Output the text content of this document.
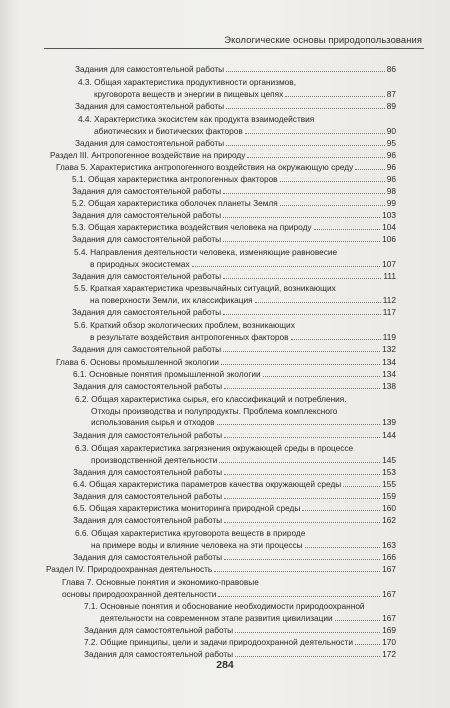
Экологические основы природопользования
Задания для самостоятельной работы	86
4.3. Общая характеристика продуктивности организмов,
круговорота веществ и энергии в пищевых цепях	87
Задания для самостоятельной работы	89
4.4. Характеристика экосистем как продукта взаимодействия
абиотических и биотических факторов	90
Задания для самостоятельной работы	95
Раздел III. Антропогенное воздействие на природу	96
Глава 5. Характеристика антропогенного воздействия на окружающую среду	96
5.1. Общая характеристика антропогенных факторов	96
Задания для самостоятельной работы	98
5.2. Общая характеристика оболочек планеты Земля	99
Задания для самостоятельной работы	103
5.3. Общая характеристика воздействия человека на природу	104
Задания для самостоятельной работы	106
5.4. Направления деятельности человека, изменяющие равновесие
в природных экосистемах	107
Задания для самостоятельной работы	111
5.5. Краткая характеристика чрезвычайных ситуаций, возникающих
на поверхности Земли, их классификация	112
Задания для самостоятельной работы	117
5.6. Краткий обзор экологических проблем, возникающих
в результате воздействия антропогенных факторов	119
Задания для самостоятельной работы	132
Глава 6. Основы промышленной экологии	134
6.1. Основные понятия промышленной экологии	134
Задания для самостоятельной работы	138
6.2. Общая характеристика сырья, его классификаций и потребления.
Отходы производства и полупродукты. Проблема комплексного
использования сырья и отходов	139
Задания для самостоятельной работы	144
6.3. Общая характеристика загрязнения окружающей среды в процессе
производственной деятельности	145
Задания для самостоятельной работы	153
6.4. Общая характеристика параметров качества окружающей среды	155
Задания для самостоятельной работы	159
6.5. Общая характеристика мониторинга природной среды	160
Задания для самостоятельной работы	162
6.6. Общая характеристика круговорота веществ в природе
на примере воды и влияние человека на эти процессы	163
Задания для самостоятельной работы	166
Раздел IV. Природоохранная деятельность	167
Глава 7. Основные понятия и экономико-правовые
основы природоохранной деятельности	167
7.1. Основные понятия и обоснование необходимости природоохранной
деятельности на современном этапе развития цивилизации	167
Задания для самостоятельной работы	169
7.2. Общие принципы, цели и задачи природоохранной деятельности	170
Задания для самостоятельной работы	172
284
